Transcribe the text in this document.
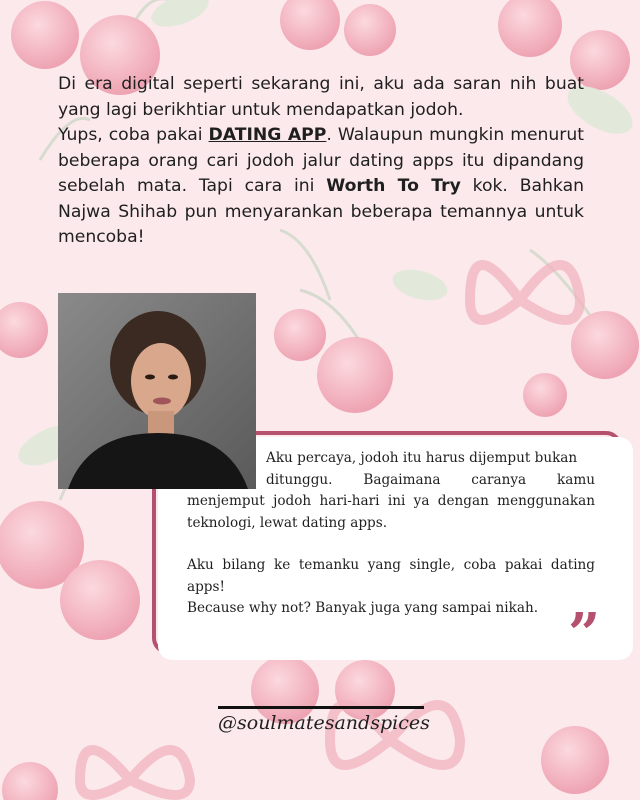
Di era digital seperti sekarang ini, aku ada saran nih buat yang lagi berikhtiar untuk mendapatkan jodoh.

Yups, coba pakai DATING APP. Walaupun mungkin menurut beberapa orang cari jodoh jalur dating apps itu dipandang sebelah mata. Tapi cara ini Worth To Try kok. Bahkan Najwa Shihab pun menyarankan beberapa temannya untuk mencoba!

Aku percaya, jodoh itu harus dijemput bukan

ditunggu. Bagaimana caranya kamu menjemput jodoh hari-hari ini ya dengan menggunakan teknologi, lewat dating apps.

Aku bilang ke temanku yang single, coba pakai dating apps!

Because why not? Banyak juga yang sampai nikah. ”
@soulmatesandspices
